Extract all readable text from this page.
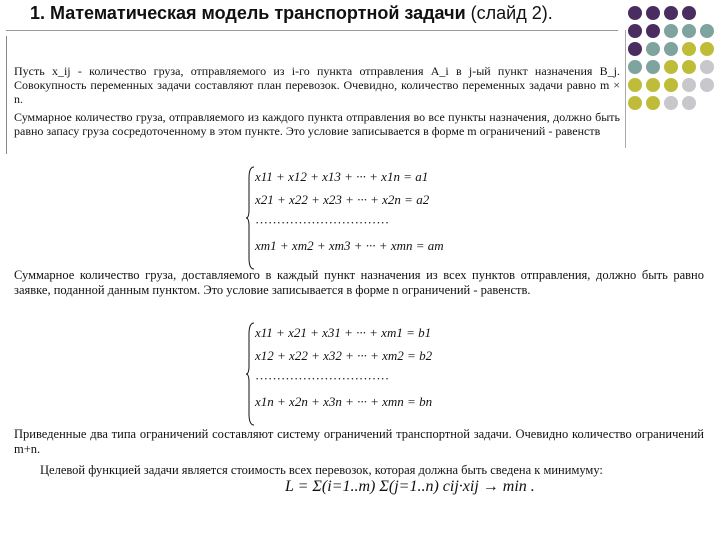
1. Математическая модель транспортной задачи (слайд 2).
Пусть x_ij - количество груза, отправляемого из i-го пункта отправления A_i в j-ый пункт назначения B_j. Совокупность переменных задачи составляют план перевозок. Очевидно, количество переменных задачи равно m × n.
Суммарное количество груза, отправляемого из каждого пункта отправления во все пункты назначения, должно быть равно запасу груза сосредоточенному в этом пункте. Это условие записывается в форме m ограничений - равенств
x11 + x12 + x13 + ··· + x1n = a1
x21 + x22 + x23 + ··· + x2n = a2
·······························
xm1 + xm2 + xm3 + ··· + xmn = am
Суммарное количество груза, доставляемого в каждый пункт назначения из всех пунктов отправления, должно быть равно заявке, поданной данным пунктом. Это условие записывается в форме n ограничений - равенств.
x11 + x21 + x31 + ··· + xm1 = b1
x12 + x22 + x32 + ··· + xm2 = b2
·······························
x1n + x2n + x3n + ··· + xmn = bn
Приведенные два типа ограничений составляют систему ограничений транспортной задачи. Очевидно количество ограничений m+n.
Целевой функцией задачи является стоимость всех перевозок, которая должна быть сведена к минимуму:
L = Σ(i=1..m) Σ(j=1..n) cij·xij → min .
